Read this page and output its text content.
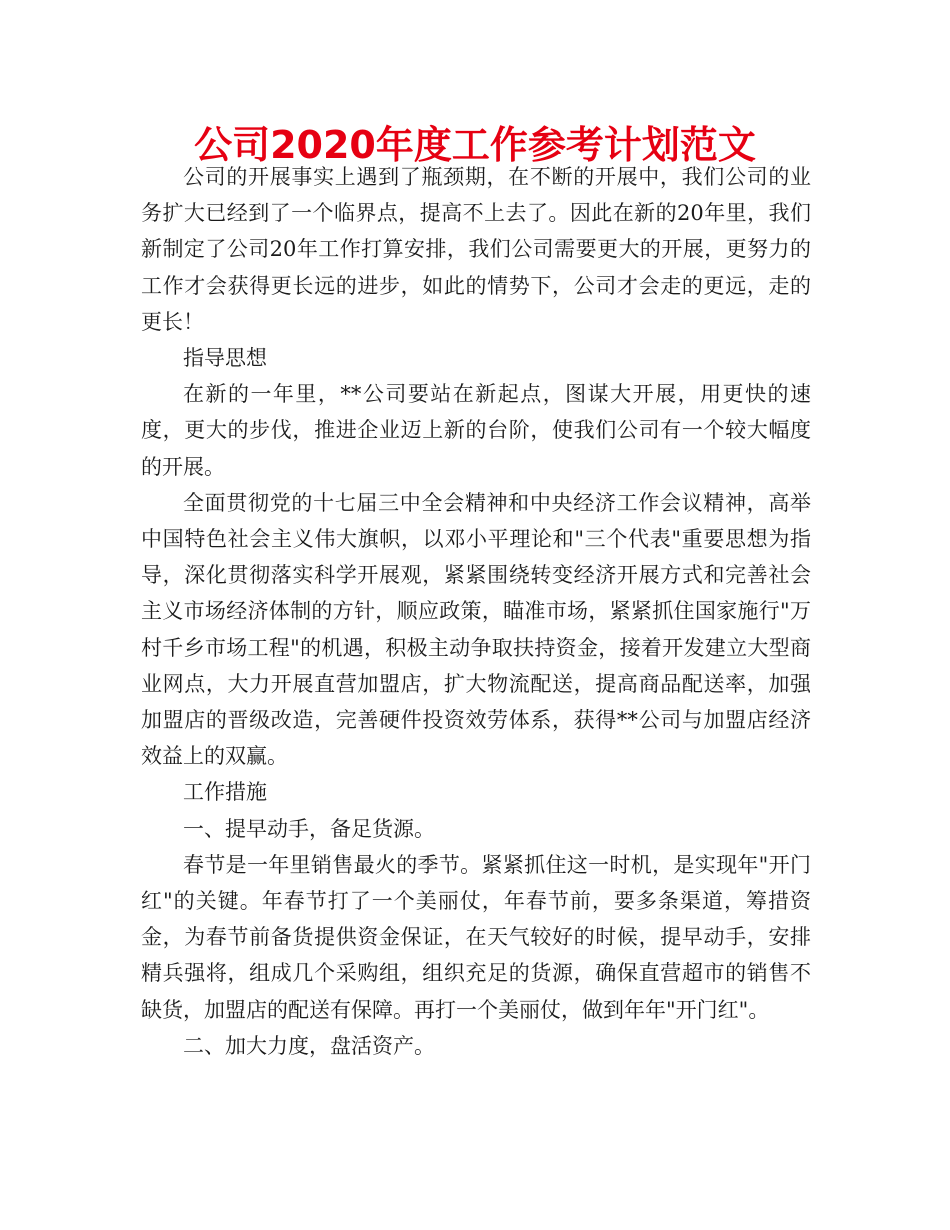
公司2020年度工作参考计划范文

公司的开展事实上遇到了瓶颈期，在不断的开展中，我们公司的业务扩大已经到了一个临界点，提高不上去了。因此在新的20年里，我们新制定了公司20年工作打算安排，我们公司需要更大的开展，更努力的工作才会获得更长远的进步，如此的情势下，公司才会走的更远，走的更长！

指导思想

在新的一年里，**公司要站在新起点，图谋大开展，用更快的速度，更大的步伐，推进企业迈上新的台阶，使我们公司有一个较大幅度的开展。

全面贯彻党的十七届三中全会精神和中央经济工作会议精神，高举中国特色社会主义伟大旗帜，以邓小平理论和"三个代表"重要思想为指导，深化贯彻落实科学开展观，紧紧围绕转变经济开展方式和完善社会主义市场经济体制的方针，顺应政策，瞄准市场，紧紧抓住国家施行"万村千乡市场工程"的机遇，积极主动争取扶持资金，接着开发建立大型商业网点，大力开展直营加盟店，扩大物流配送，提高商品配送率，加强加盟店的晋级改造，完善硬件投资效劳体系，获得**公司与加盟店经济效益上的双赢。

工作措施

一、提早动手，备足货源。

春节是一年里销售最火的季节。紧紧抓住这一时机，是实现年"开门红"的关键。年春节打了一个美丽仗，年春节前，要多条渠道，筹措资金，为春节前备货提供资金保证，在天气较好的时候，提早动手，安排精兵强将，组成几个采购组，组织充足的货源，确保直营超市的销售不缺货，加盟店的配送有保障。再打一个美丽仗，做到年年"开门红"。

二、加大力度，盘活资产。
